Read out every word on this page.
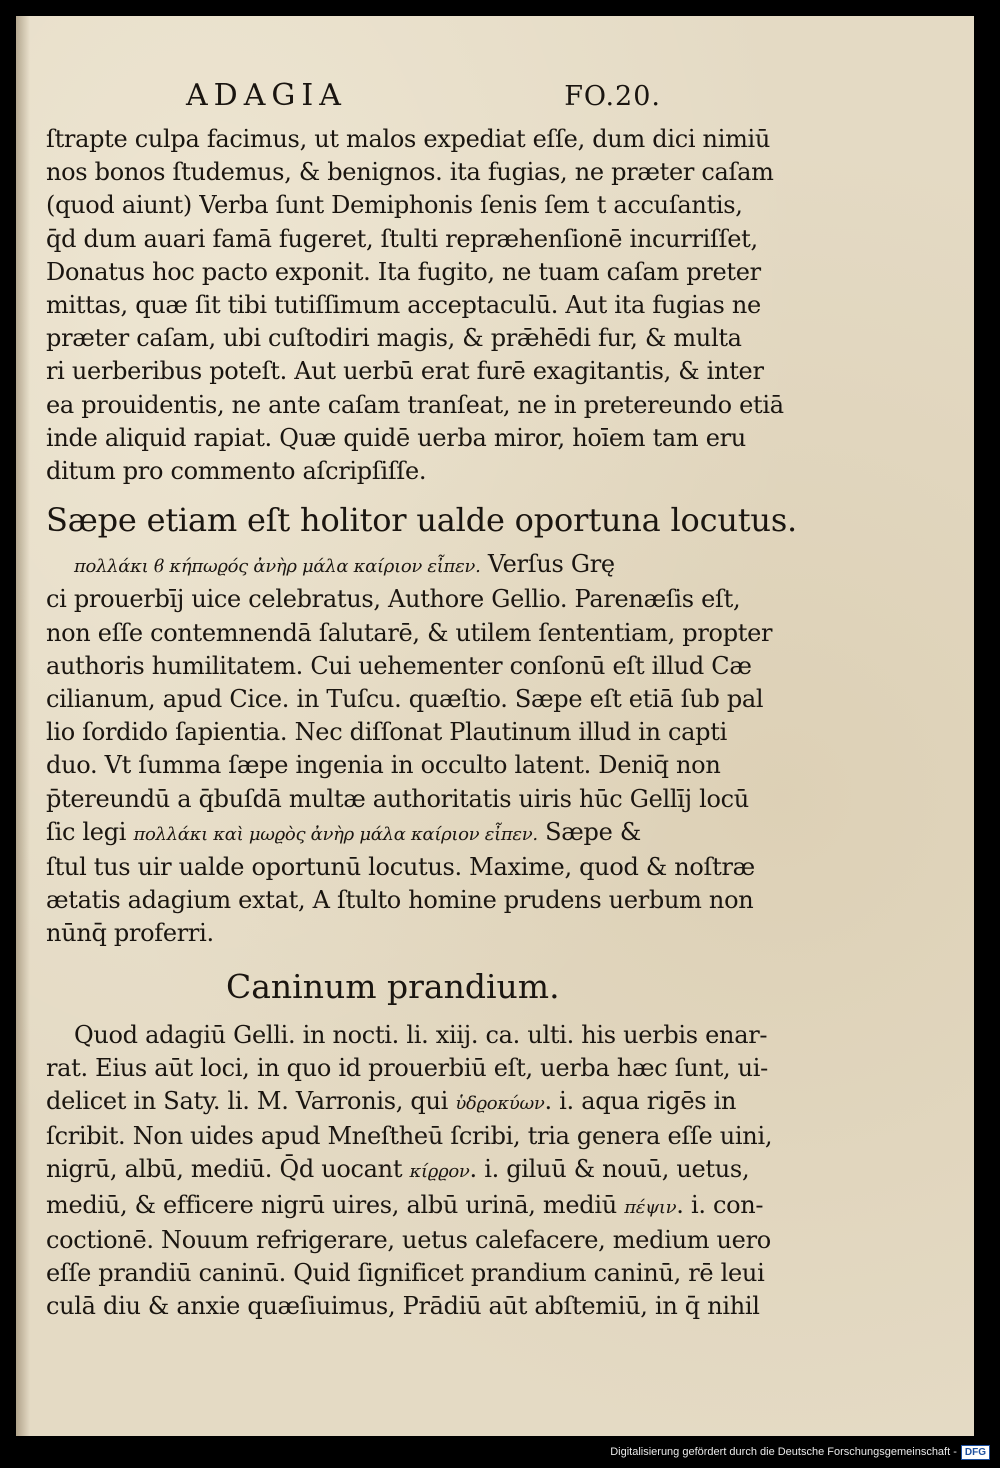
ADAGIA	FO.20.
ſtrapte culpa facimus, ut malos expediat eſſe, dum dici nimiū
nos bonos ſtudemus, & benignos. ita fugias, ne præter caſam
(quod aiunt) Verba ſunt Demiphonis ſenis ſem t accuſantis,
q̄d dum auari famā fugeret, ſtulti repræhenſionē incurriſſet,
Donatus hoc pacto exponit. Ita fugito, ne tuam caſam prеter
mittas, quæ ſit tibi tutiſſimum acceptaculū. Aut ita fugias ne
præter caſam, ubi cuſtodiri magis, & prǣhēdi fur, & multa
ri uerberibus poteſt. Aut uerbū erat furē exagitantis, & inter
ea prouidentis, ne ante caſam tranſeat, ne in prеtereundo etiā
inde aliquid rapiat. Quæ quidē uerba miror, hoīem tam eru
ditum pro commento aſcripſiſſe.
Sæpe etiam eſt holitor ualde oportuna locutus.
πολλάκι ϐ κήπωϱός ἀνὴρ μάλα καίριον εἶπεν. Verſus Grę
ci prouerbīj uice celebratus, Authore Gellio. Parenæſis eſt,
non eſſe contemnendā ſalutarē, & utilem ſententiam, propter
authoris humilitatem. Cui uehementer conſonū eſt illud Cæ
cilianum, apud Cice. in Tuſcu. quæſtio. Sæpe eſt etiā ſub pal
lio ſordido ſapientia. Nec diſſonat Plautinum illud in capti
duo. Vt ſumma ſæpe ingenia in occulto latent. Deniq̄ non
p̄tereundū a q̄buſdā multæ authoritatis uiris hūc Gellīj locū
ſic legi πολλάκι καὶ μωϱὸς ἀνὴρ μάλα καίριον εἶπεν. Sæpe &
ſtul tus uir ualde oportunū locutus. Maxime, quod & noſtræ
ætatis adagium extat, A ſtulto homine prudens uerbum non
nūnq̄ proferri.
Caninum prandium.
Quod adagiū Gelli. in nocti. li. xiij. ca. ulti. his uerbis enar-
rat. Eius aūt loci, in quo id prouerbiū eſt, uerba hæc ſunt, ui-
delicet in Saty. li. M. Varronis, qui ὑδϱοκύων. i. aqua rigēs in
ſcribit. Non uides apud Mneſtheū ſcribi, tria genera eſſe uini,
nigrū, albū, mediū. Q̄d uocant κίϱϱον. i. giluū & nouū, uetus,
mediū, & efficere nigrū uires, albū urinā, mediū πέψιν. i. con-
coctionē. Nouum refrigerare, uetus calefacere, medium uero
eſſe prandiū caninū. Quid ſignificet prandium caninū, rē leui
culā diu & anxie quæſiuimus, Prādiū aūt abſtemiū, in q̄ nihil
Digitalisierung gefördert durch die Deutsche Forschungsgemeinschaft - DFG
